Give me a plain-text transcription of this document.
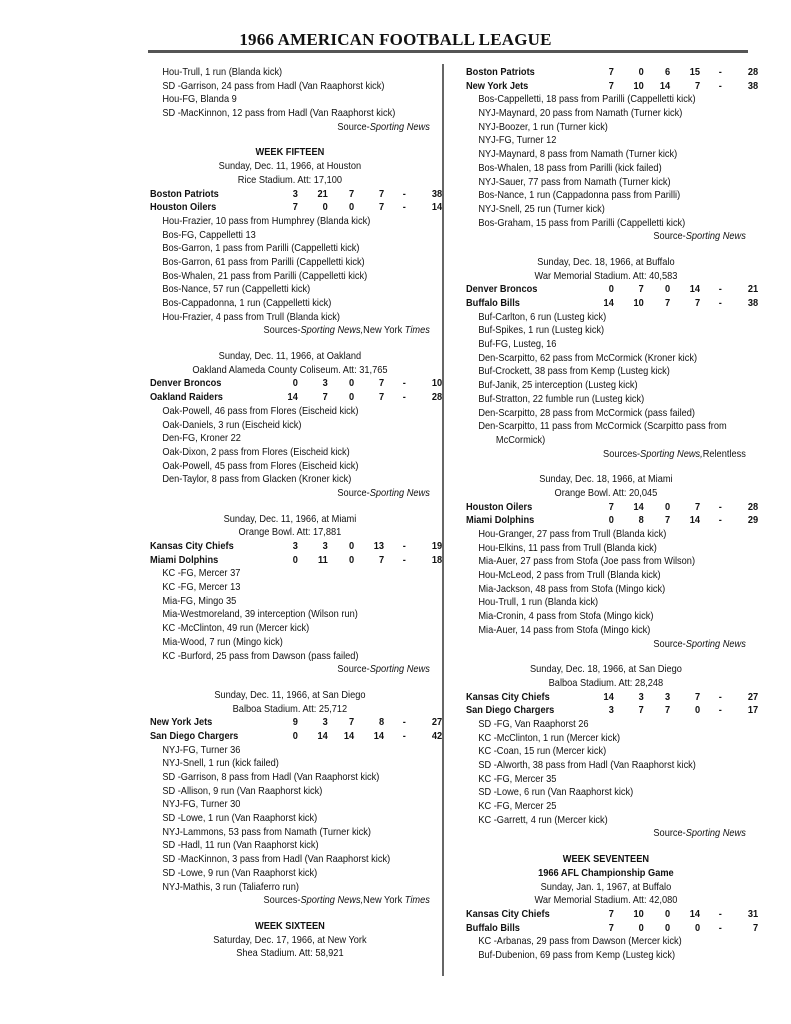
1966 AMERICAN FOOTBALL LEAGUE
Hou-Trull, 1 run (Blanda kick)
SD -Garrison, 24 pass from Hadl (Van Raaphorst kick)
Hou-FG, Blanda 9
SD -MacKinnon, 12 pass from Hadl (Van Raaphorst kick)
Source-Sporting News
WEEK FIFTEEN
Sunday, Dec. 11, 1966, at Houston
Rice Stadium. Att: 17,100
Boston Patriots	3	21	7	7	-	38
Houston Oilers	7	0	0	7	-	14
Hou-Frazier, 10 pass from Humphrey (Blanda kick)
Bos-FG, Cappelletti 13
Bos-Garron, 1 pass from Parilli (Cappelletti kick)
Bos-Garron, 61 pass from Parilli (Cappelletti kick)
Bos-Whalen, 21 pass from Parilli (Cappelletti kick)
Bos-Nance, 57 run (Cappelletti kick)
Bos-Cappadonna, 1 run (Cappelletti kick)
Hou-Frazier, 4 pass from Trull (Blanda kick)
Sources-Sporting News,New York Times
Sunday, Dec. 11, 1966, at Oakland
Oakland Alameda County Coliseum. Att: 31,765
Denver Broncos	0	3	0	7	-	10
Oakland Raiders	14	7	0	7	-	28
Oak-Powell, 46 pass from Flores (Eischeid kick)
Oak-Daniels, 3 run (Eischeid kick)
Den-FG, Kroner 22
Oak-Dixon, 2 pass from Flores (Eischeid kick)
Oak-Powell, 45 pass from Flores (Eischeid kick)
Den-Taylor, 8 pass from Glacken (Kroner kick)
Source-Sporting News
Sunday, Dec. 11, 1966, at Miami
Orange Bowl. Att: 17,881
Kansas City Chiefs	3	3	0	13	-	19
Miami Dolphins	0	11	0	7	-	18
KC -FG, Mercer 37
KC -FG, Mercer 13
Mia-FG, Mingo 35
Mia-Westmoreland, 39 interception (Wilson run)
KC -McClinton, 49 run (Mercer kick)
Mia-Wood, 7 run (Mingo kick)
KC -Burford, 25 pass from Dawson (pass failed)
Source-Sporting News
Sunday, Dec. 11, 1966, at San Diego
Balboa Stadium. Att: 25,712
New York Jets	9	3	7	8	-	27
San Diego Chargers	0	14	14	14	-	42
NYJ-FG, Turner 36
NYJ-Snell, 1 run (kick failed)
SD -Garrison, 8 pass from Hadl (Van Raaphorst kick)
SD -Allison, 9 run (Van Raaphorst kick)
NYJ-FG, Turner 30
SD -Lowe, 1 run (Van Raaphorst kick)
NYJ-Lammons, 53 pass from Namath (Turner kick)
SD -Hadl, 11 run (Van Raaphorst kick)
SD -MacKinnon, 3 pass from Hadl (Van Raaphorst kick)
SD -Lowe, 9 run (Van Raaphorst kick)
NYJ-Mathis, 3 run (Taliaferro run)
Sources-Sporting News,New York Times
WEEK SIXTEEN
Saturday, Dec. 17, 1966, at New York
Shea Stadium. Att: 58,921
Boston Patriots	7	0	6	15	-	28
New York Jets	7	10	14	7	-	38
Bos-Cappelletti, 18 pass from Parilli (Cappelletti kick)
NYJ-Maynard, 20 pass from Namath (Turner kick)
NYJ-Boozer, 1 run (Turner kick)
NYJ-FG, Turner 12
NYJ-Maynard, 8 pass from Namath (Turner kick)
Bos-Whalen, 18 pass from Parilli (kick failed)
NYJ-Sauer, 77 pass from Namath (Turner kick)
Bos-Nance, 1 run (Cappadonna pass from Parilli)
NYJ-Snell, 25 run (Turner kick)
Bos-Graham, 15 pass from Parilli (Cappelletti kick)
Source-Sporting News
Sunday, Dec. 18, 1966, at Buffalo
War Memorial Stadium. Att: 40,583
Denver Broncos	0	7	0	14	-	21
Buffalo Bills	14	10	7	7	-	38
Buf-Carlton, 6 run (Lusteg kick)
Buf-Spikes, 1 run (Lusteg kick)
Buf-FG, Lusteg, 16
Den-Scarpitto, 62 pass from McCormick (Kroner kick)
Buf-Crockett, 38 pass from Kemp (Lusteg kick)
Buf-Janik, 25 interception (Lusteg kick)
Buf-Stratton, 22 fumble run (Lusteg kick)
Den-Scarpitto, 28 pass from McCormick (pass failed)
Den-Scarpitto, 11 pass from McCormick (Scarpitto pass from
McCormick)
Sources-Sporting News,Relentless
Sunday, Dec. 18, 1966, at Miami
Orange Bowl. Att: 20,045
Houston Oilers	7	14	0	7	-	28
Miami Dolphins	0	8	7	14	-	29
Hou-Granger, 27 pass from Trull (Blanda kick)
Hou-Elkins, 11 pass from Trull (Blanda kick)
Mia-Auer, 27 pass from Stofa (Joe pass from Wilson)
Hou-McLeod, 2 pass from Trull (Blanda kick)
Mia-Jackson, 48 pass from Stofa (Mingo kick)
Hou-Trull, 1 run (Blanda kick)
Mia-Cronin, 4 pass from Stofa (Mingo kick)
Mia-Auer, 14 pass from Stofa (Mingo kick)
Source-Sporting News
Sunday, Dec. 18, 1966, at San Diego
Balboa Stadium. Att: 28,248
Kansas City Chiefs	14	3	3	7	-	27
San Diego Chargers	3	7	7	0	-	17
SD -FG, Van Raaphorst 26
KC -McClinton, 1 run (Mercer kick)
KC -Coan, 15 run (Mercer kick)
SD -Alworth, 38 pass from Hadl (Van Raaphorst kick)
KC -FG, Mercer 35
SD -Lowe, 6 run (Van Raaphorst kick)
KC -FG, Mercer 25
KC -Garrett, 4 run (Mercer kick)
Source-Sporting News
WEEK SEVENTEEN
1966 AFL Championship Game
Sunday, Jan. 1, 1967, at Buffalo
War Memorial Stadium. Att: 42,080
Kansas City Chiefs	7	10	0	14	-	31
Buffalo Bills	7	0	0	0	-	7
KC -Arbanas, 29 pass from Dawson (Mercer kick)
Buf-Dubenion, 69 pass from Kemp (Lusteg kick)
